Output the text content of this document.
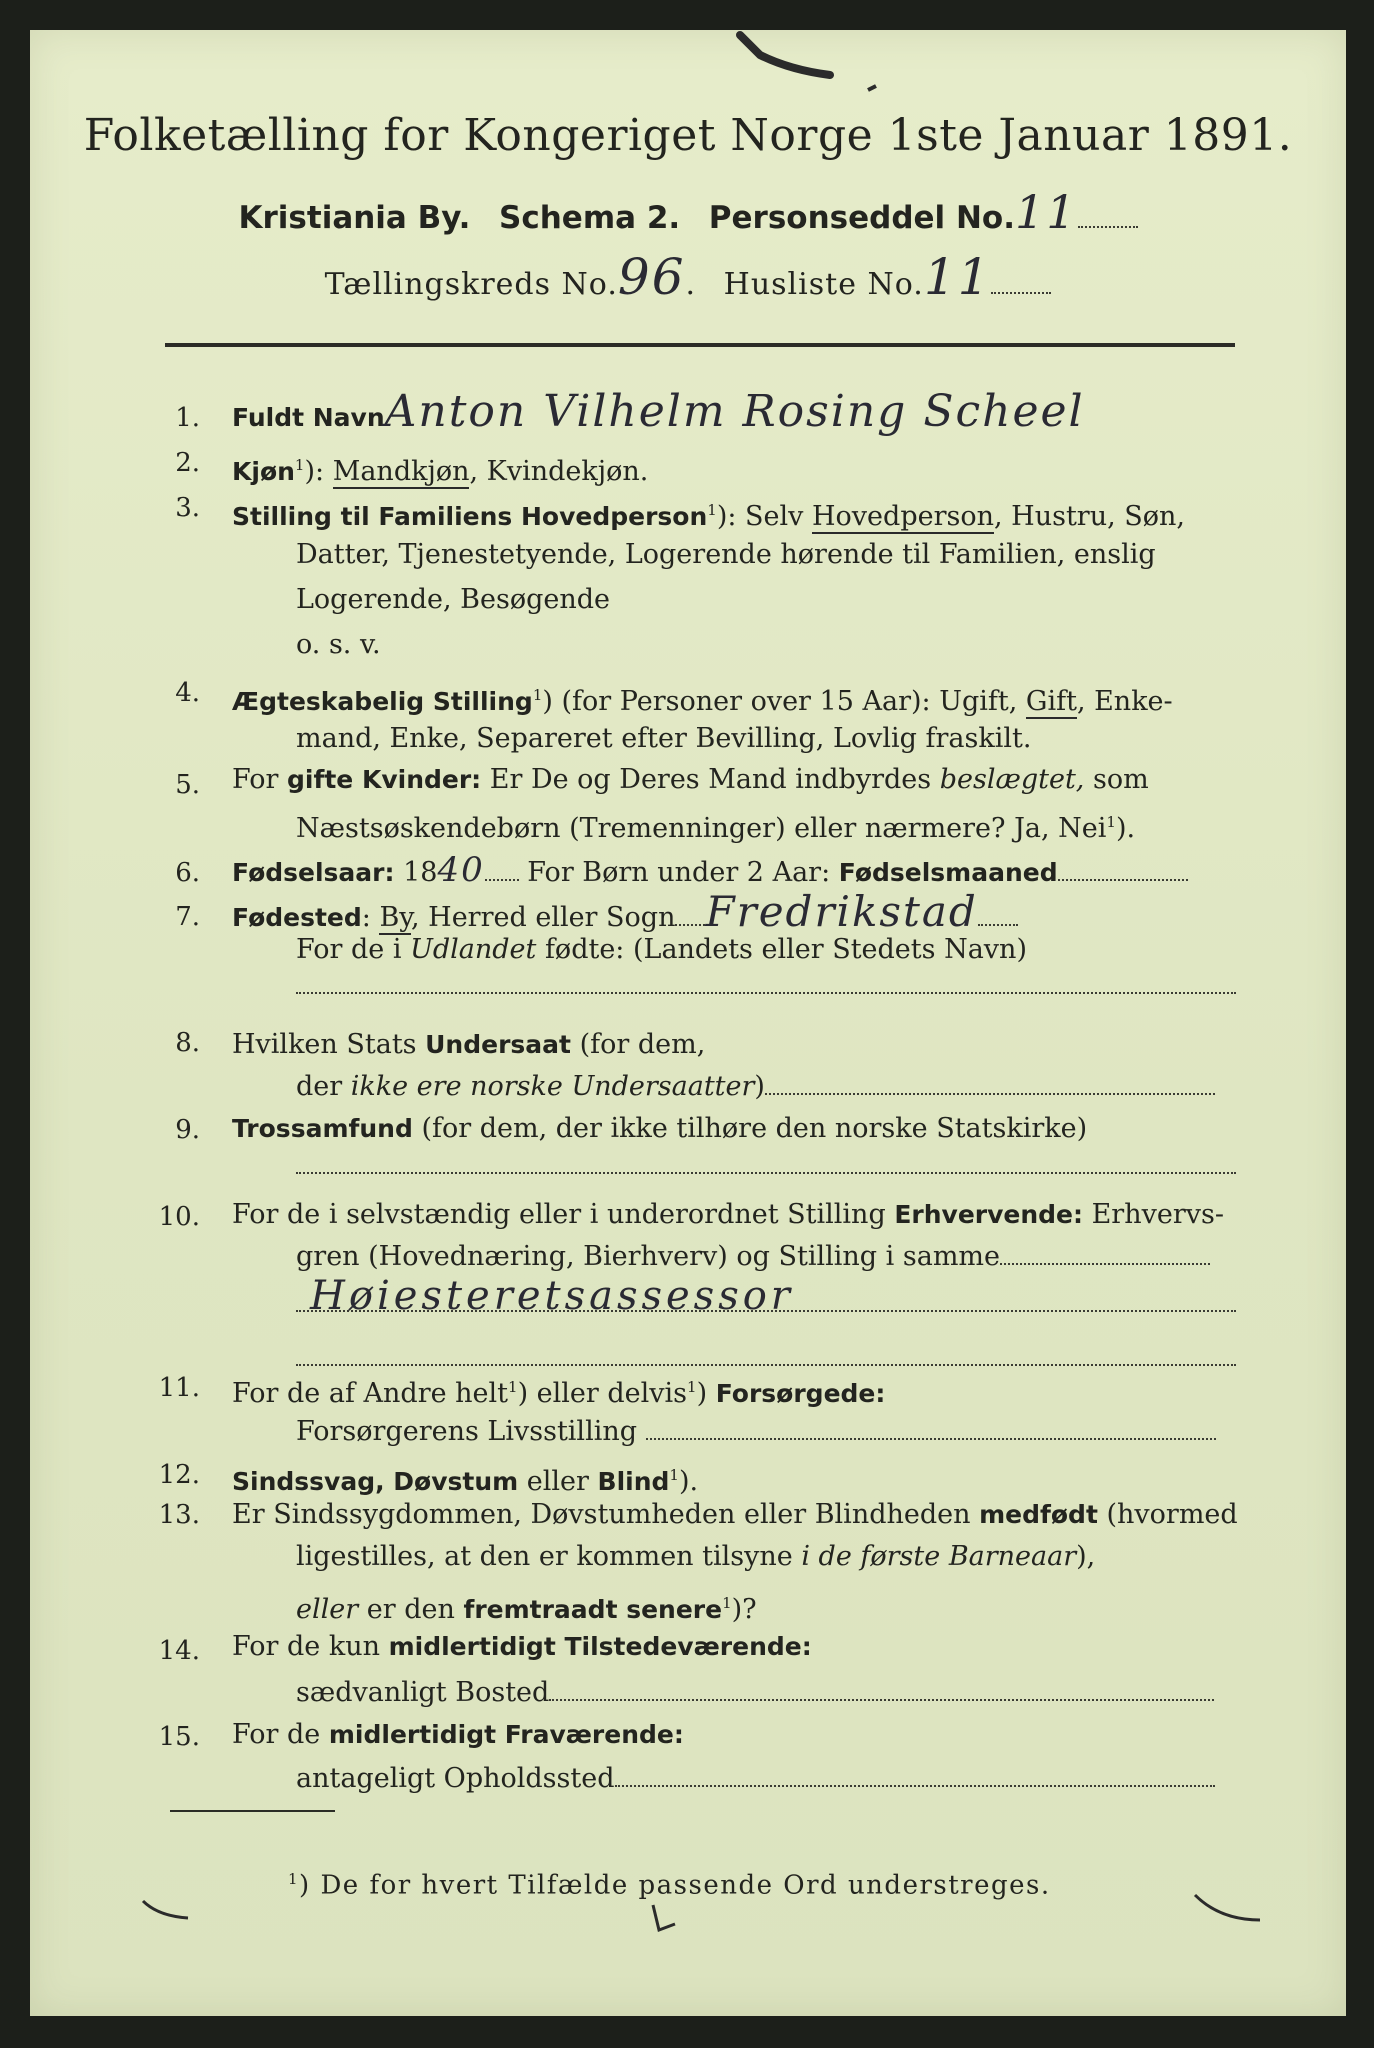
Folketælling for Kongeriget Norge 1ste Januar 1891.
Kristiania By. Schema 2. Personseddel No.11
Tællingskreds No.96.   Husliste No.11
1. Fuldt NavnAnton Vilhelm Rosing Scheel
2. Kjøn$^1$): Mandkjøn, Kvindekjøn.
3. Stilling til Familiens Hovedperson$^1$): Selv Hovedperson, Hustru, Søn,
Datter, Tjenestetyende, Logerende hørende til Familien, enslig
Logerende, Besøgende
o. s. v.
4. Ægteskabelig Stilling$^1$) (for Personer over 15 Aar): Ugift, Gift, Enke-
mand, Enke, Separeret efter Bevilling, Lovlig fraskilt.
5. For gifte Kvinder: Er De og Deres Mand indbyrdes beslægtet, som
Næstsøskendebørn (Tremenninger) eller nærmere? Ja, Nei$^1$).
6. Fødselsaar: 1840 For Børn under 2 Aar: Fødselsmaaned
7. Fødested: By, Herred eller Sogn Fredrikstad
For de i Udlandet fødte: (Landets eller Stedets Navn)
8. Hvilken Stats Undersaat (for dem,
der ikke ere norske Undersaatter)
9. Trossamfund (for dem, der ikke tilhøre den norske Statskirke)
10. For de i selvstændig eller i underordnet Stilling Erhvervende: Erhvervs-
gren (Hovednæring, Bierhverv) og Stilling i samme
Høiesteretsassessor
11. For de af Andre helt$^1$) eller delvis$^1$) Forsørgede:
Forsørgerens Livsstilling
12. Sindssvag, Døvstum eller Blind$^1$).
13. Er Sindssygdommen, Døvstumheden eller Blindheden medfødt (hvormed
ligestilles, at den er kommen tilsyne i de første Barneaar),
eller er den fremtraadt senere$^1$)?
14. For de kun midlertidigt Tilstedeværende:
sædvanligt Bosted
15. For de midlertidigt Fraværende:
antageligt Opholdssted
$^1$) De for hvert Tilfælde passende Ord understreges.
